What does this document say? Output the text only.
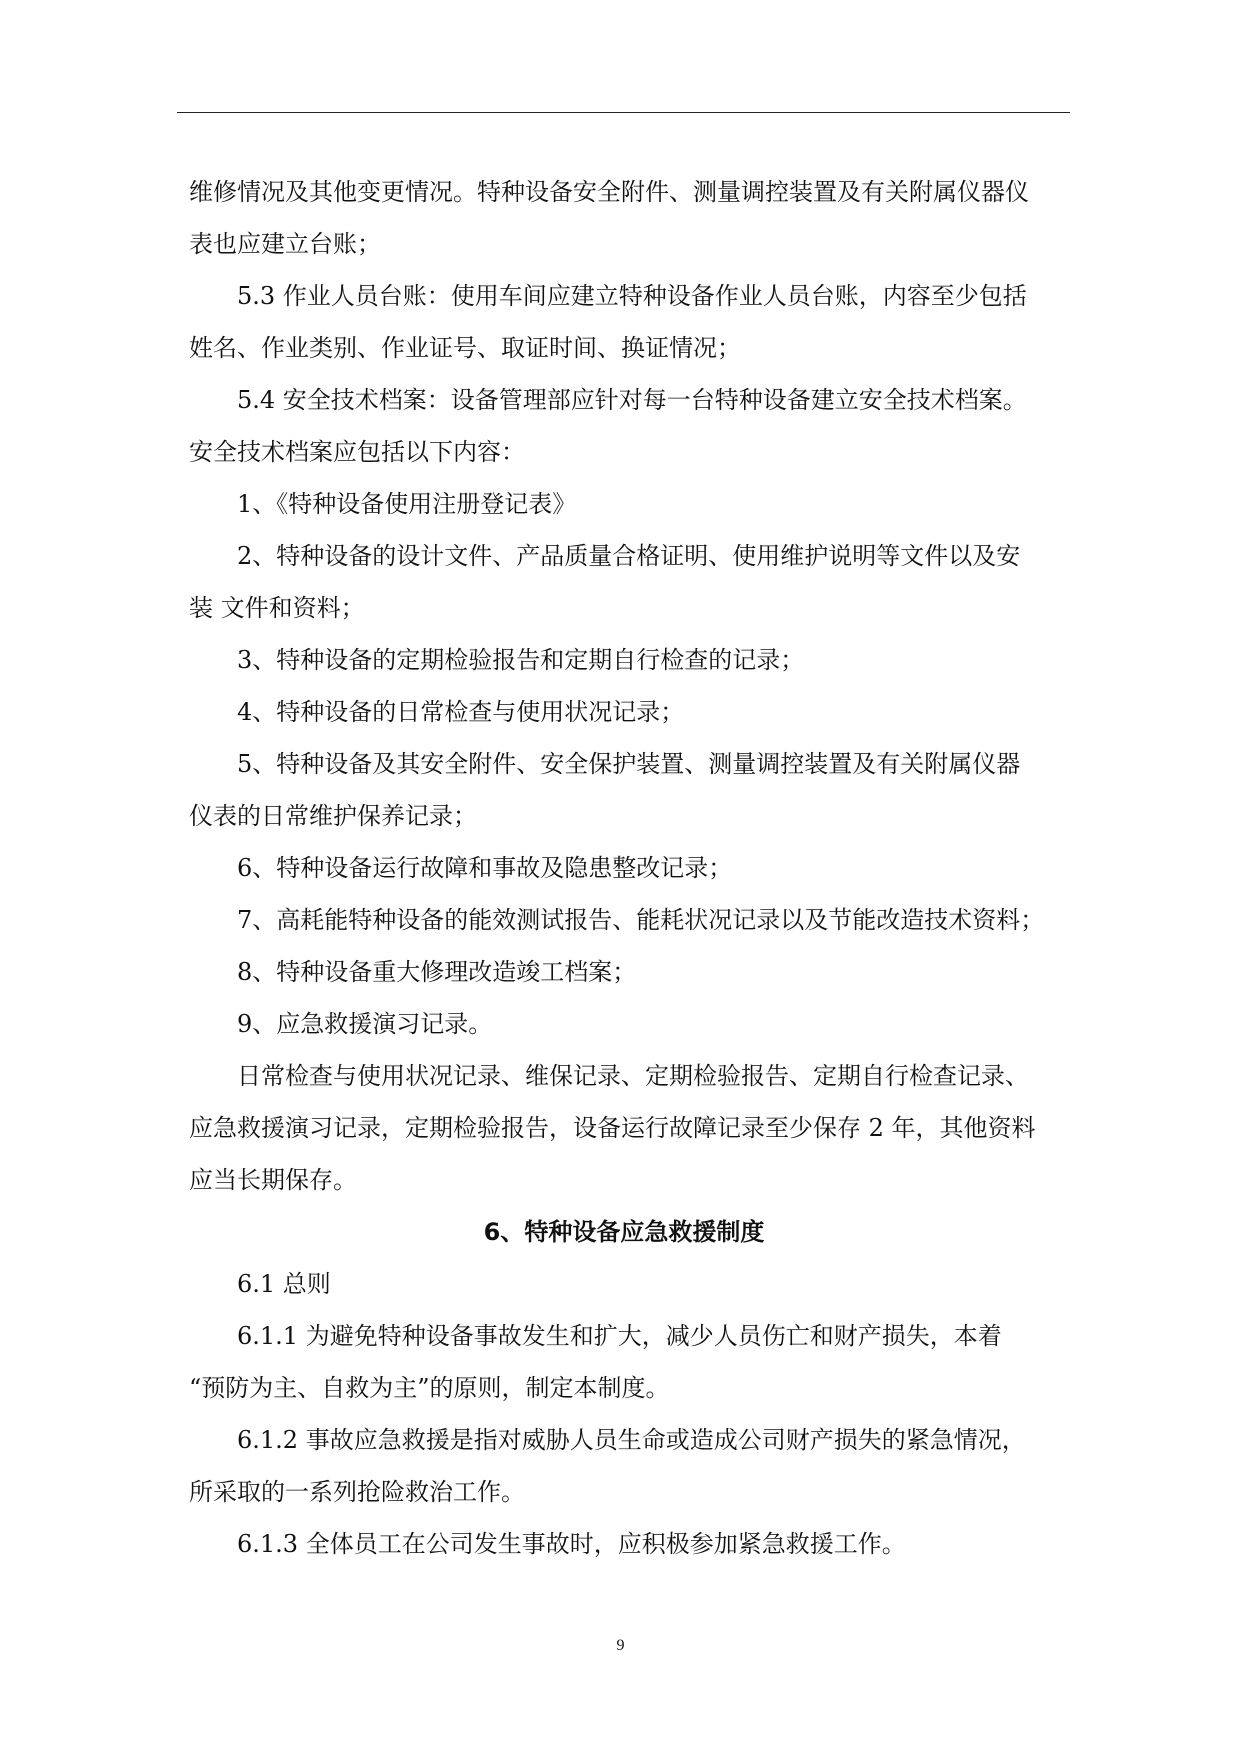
维修情况及其他变更情况。特种设备安全附件、测量调控装置及有关附属仪器仪

表也应建立台账；

5.3 作业人员台账：使用车间应建立特种设备作业人员台账，内容至少包括

姓名、作业类别、作业证号、取证时间、换证情况；

5.4 安全技术档案：设备管理部应针对每一台特种设备建立安全技术档案。

安全技术档案应包括以下内容：

1、《特种设备使用注册登记表》

2、特种设备的设计文件、产品质量合格证明、使用维护说明等文件以及安

装 文件和资料；

3、特种设备的定期检验报告和定期自行检查的记录；

4、特种设备的日常检查与使用状况记录；

5、特种设备及其安全附件、安全保护装置、测量调控装置及有关附属仪器

仪表的日常维护保养记录；

6、特种设备运行故障和事故及隐患整改记录；

7、高耗能特种设备的能效测试报告、能耗状况记录以及节能改造技术资料；

8、特种设备重大修理改造竣工档案；

9、应急救援演习记录。

日常检查与使用状况记录、维保记录、定期检验报告、定期自行检查记录、

应急救援演习记录，定期检验报告，设备运行故障记录至少保存 2 年，其他资料

应当长期保存。

6、特种设备应急救援制度

6.1 总则

6.1.1 为避免特种设备事故发生和扩大，减少人员伤亡和财产损失，本着

“预防为主、自救为主”的原则，制定本制度。

6.1.2 事故应急救援是指对威胁人员生命或造成公司财产损失的紧急情况，

所采取的一系列抢险救治工作。

6.1.3 全体员工在公司发生事故时，应积极参加紧急救援工作。

9
